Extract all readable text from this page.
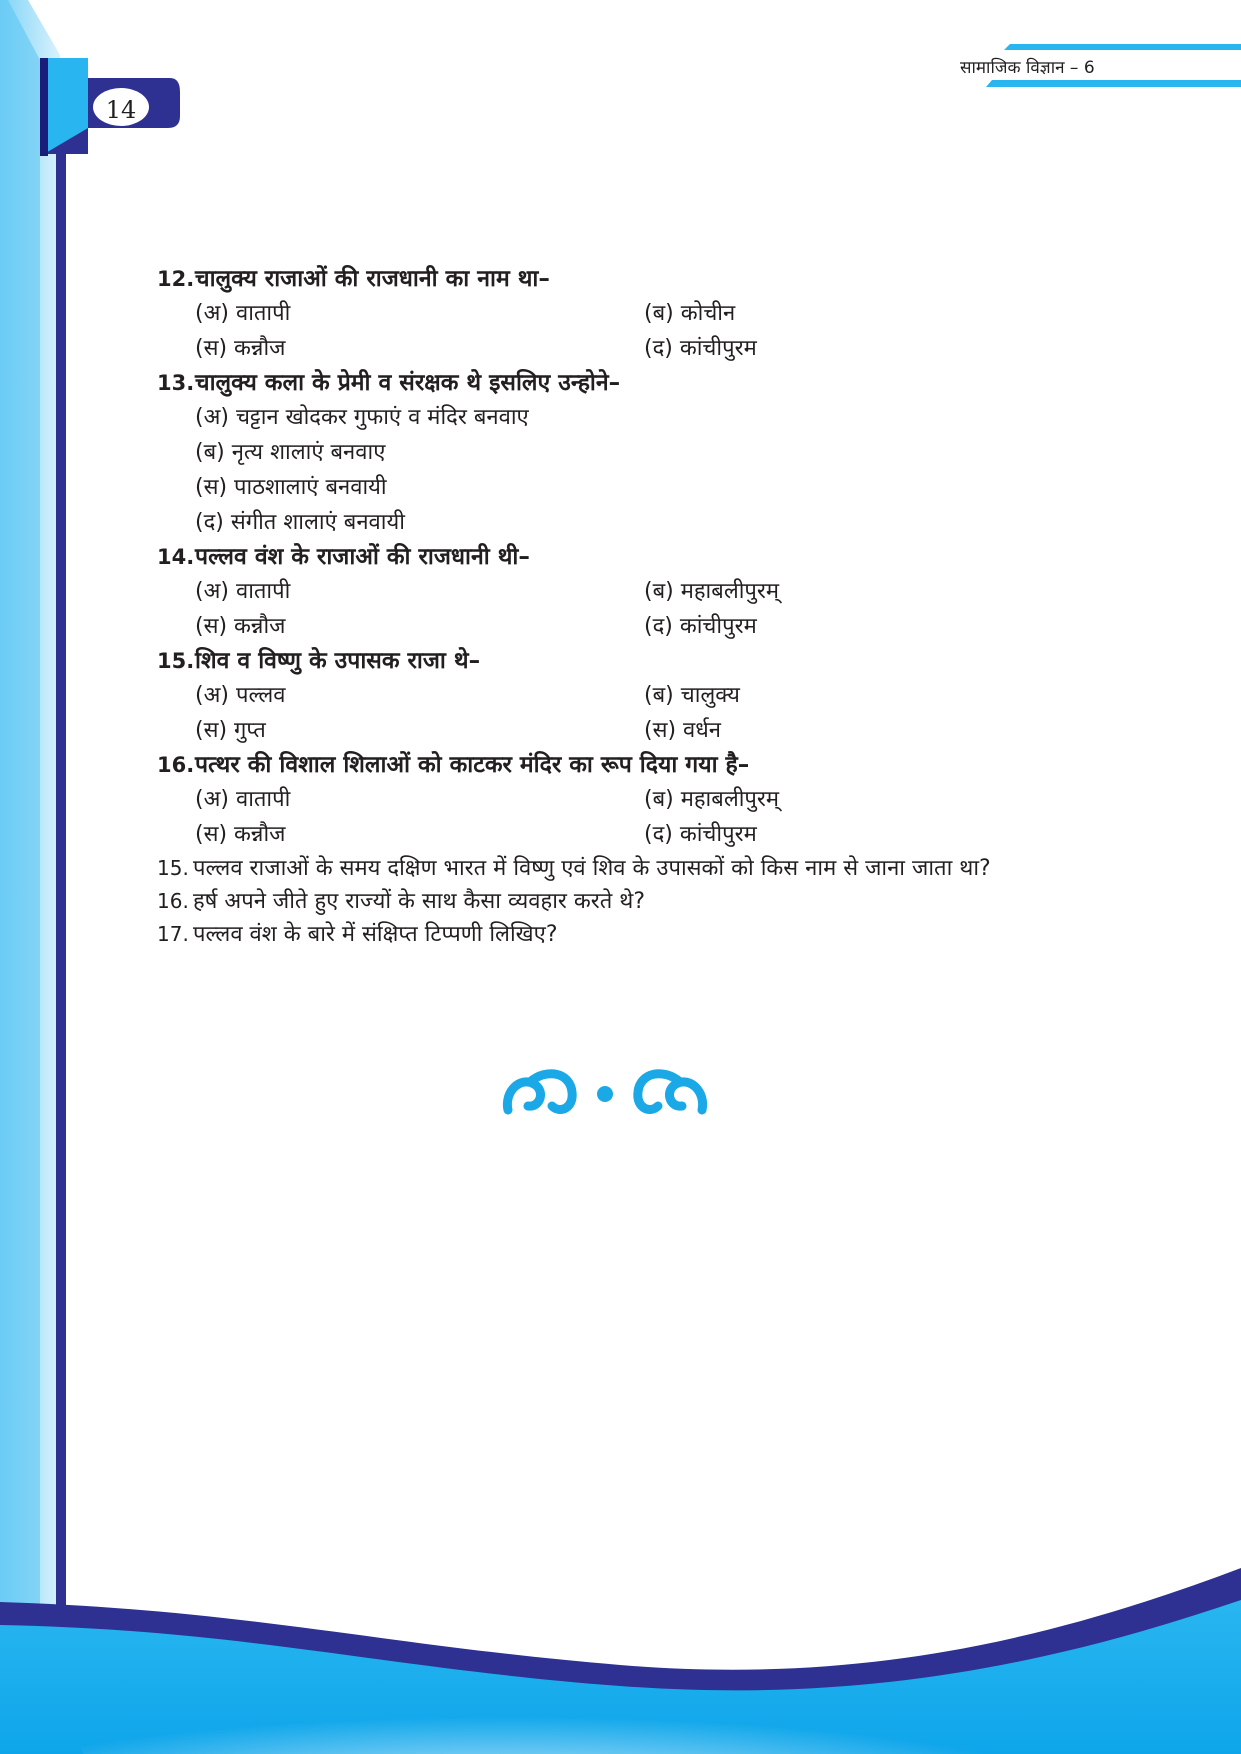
14
सामाजिक विज्ञान – 6
12.चालुक्य राजाओं की राजधानी का नाम था–
(अ) वातापी	(ब) कोचीन
(स) कन्नौज	(द) कांचीपुरम
13.चालुक्य कला के प्रेमी व संरक्षक थे इसलिए उन्होने–
(अ) चट्टान खोदकर गुफाएं व मंदिर बनवाए
(ब) नृत्य शालाएं बनवाए
(स) पाठशालाएं बनवायी
(द) संगीत शालाएं बनवायी
14.पल्लव वंश के राजाओं की राजधानी थी–
(अ) वातापी	(ब) महाबलीपुरम्
(स) कन्नौज	(द) कांचीपुरम
15.शिव व विष्णु के उपासक राजा थे–
(अ) पल्लव	(ब) चालुक्य
(स) गुप्त	(स) वर्धन
16.पत्थर की विशाल शिलाओं को काटकर मंदिर का रूप दिया गया है–
(अ) वातापी	(ब) महाबलीपुरम्
(स) कन्नौज	(द) कांचीपुरम
15. पल्लव राजाओं के समय दक्षिण भारत में विष्णु एवं शिव के उपासकों को किस नाम से जाना जाता था?
16. हर्ष अपने जीते हुए राज्यों के साथ कैसा व्यवहार करते थे?
17. पल्लव वंश के बारे में संक्षिप्त टिप्पणी लिखिए?
